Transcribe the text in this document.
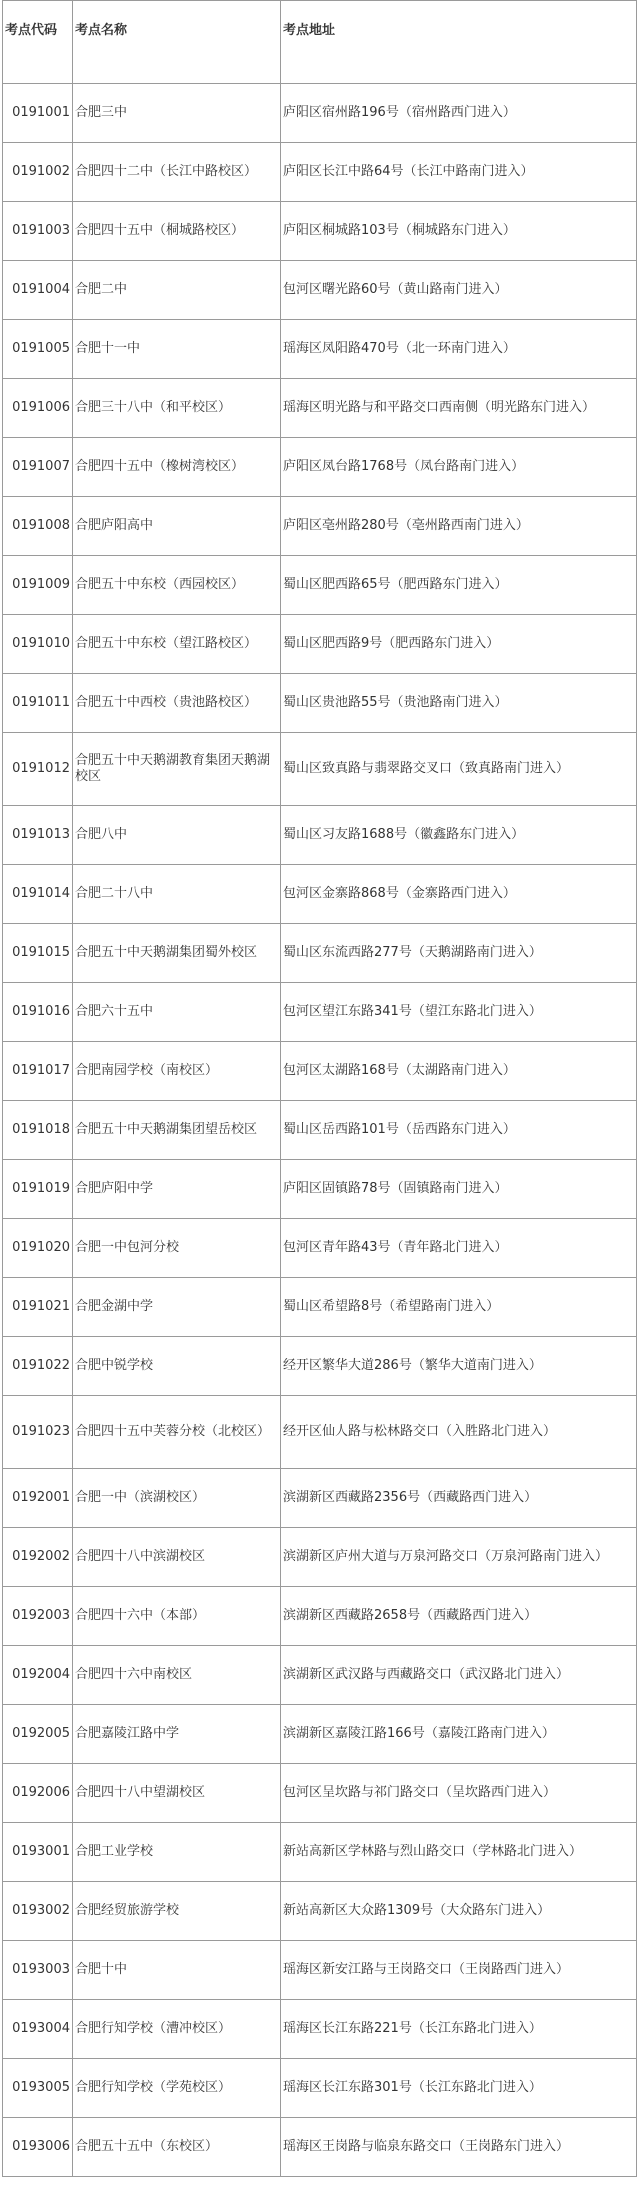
考点代码	考点名称	考点地址
0191001	合肥三中	庐阳区宿州路196号（宿州路西门进入）
0191002	合肥四十二中（长江中路校区）	庐阳区长江中路64号（长江中路南门进入）
0191003	合肥四十五中（桐城路校区）	庐阳区桐城路103号（桐城路东门进入）
0191004	合肥二中	包河区曙光路60号（黄山路南门进入）
0191005	合肥十一中	瑶海区凤阳路470号（北一环南门进入）
0191006	合肥三十八中（和平校区）	瑶海区明光路与和平路交口西南侧（明光路东门进入）
0191007	合肥四十五中（橡树湾校区）	庐阳区凤台路1768号（凤台路南门进入）
0191008	合肥庐阳高中	庐阳区亳州路280号（亳州路西南门进入）
0191009	合肥五十中东校（西园校区）	蜀山区肥西路65号（肥西路东门进入）
0191010	合肥五十中东校（望江路校区）	蜀山区肥西路9号（肥西路东门进入）
0191011	合肥五十中西校（贵池路校区）	蜀山区贵池路55号（贵池路南门进入）
0191012	合肥五十中天鹅湖教育集团天鹅湖校区	蜀山区致真路与翡翠路交叉口（致真路南门进入）
0191013	合肥八中	蜀山区习友路1688号（徽鑫路东门进入）
0191014	合肥二十八中	包河区金寨路868号（金寨路西门进入）
0191015	合肥五十中天鹅湖集团蜀外校区	蜀山区东流西路277号（天鹅湖路南门进入）
0191016	合肥六十五中	包河区望江东路341号（望江东路北门进入）
0191017	合肥南园学校（南校区）	包河区太湖路168号（太湖路南门进入）
0191018	合肥五十中天鹅湖集团望岳校区	蜀山区岳西路101号（岳西路东门进入）
0191019	合肥庐阳中学	庐阳区固镇路78号（固镇路南门进入）
0191020	合肥一中包河分校	包河区青年路43号（青年路北门进入）
0191021	合肥金湖中学	蜀山区希望路8号（希望路南门进入）
0191022	合肥中锐学校	经开区繁华大道286号（繁华大道南门进入）
0191023	合肥四十五中芙蓉分校（北校区）	经开区仙人路与松林路交口（入胜路北门进入）
0192001	合肥一中（滨湖校区）	滨湖新区西藏路2356号（西藏路西门进入）
0192002	合肥四十八中滨湖校区	滨湖新区庐州大道与万泉河路交口（万泉河路南门进入）
0192003	合肥四十六中（本部）	滨湖新区西藏路2658号（西藏路西门进入）
0192004	合肥四十六中南校区	滨湖新区武汉路与西藏路交口（武汉路北门进入）
0192005	合肥嘉陵江路中学	滨湖新区嘉陵江路166号（嘉陵江路南门进入）
0192006	合肥四十八中望湖校区	包河区呈坎路与祁门路交口（呈坎路西门进入）
0193001	合肥工业学校	新站高新区学林路与烈山路交口（学林路北门进入）
0193002	合肥经贸旅游学校	新站高新区大众路1309号（大众路东门进入）
0193003	合肥十中	瑶海区新安江路与王岗路交口（王岗路西门进入）
0193004	合肥行知学校（漕冲校区）	瑶海区长江东路221号（长江东路北门进入）
0193005	合肥行知学校（学苑校区）	瑶海区长江东路301号（长江东路北门进入）
0193006	合肥五十五中（东校区）	瑶海区王岗路与临泉东路交口（王岗路东门进入）
